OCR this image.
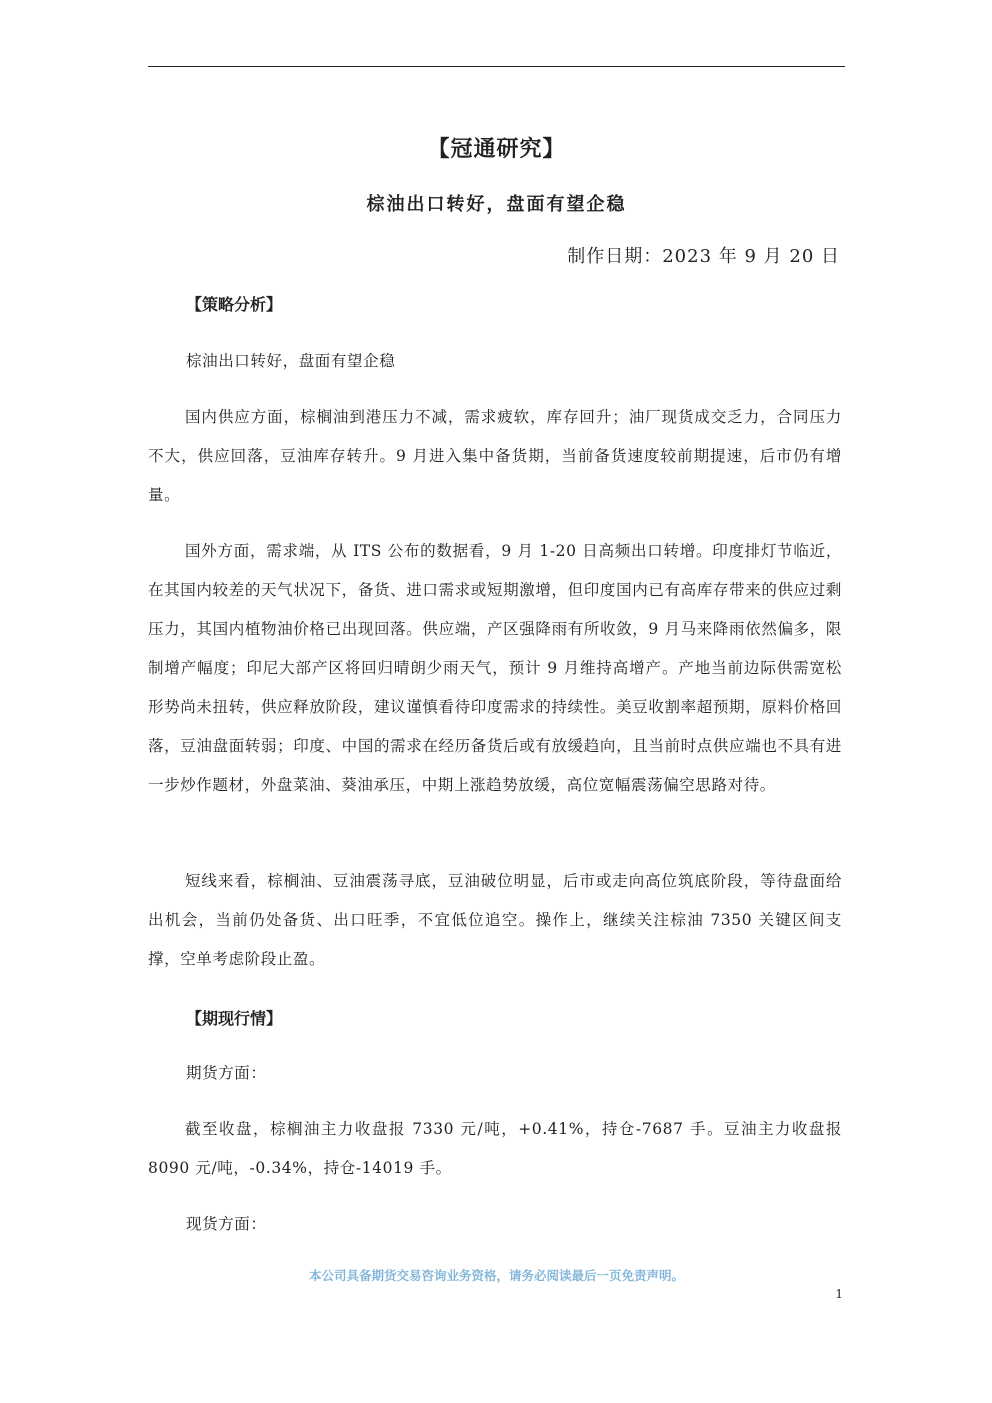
【冠通研究】
棕油出口转好，盘面有望企稳
制作日期：2023 年 9 月 20 日
【策略分析】
棕油出口转好，盘面有望企稳
国内供应方面，棕榈油到港压力不减，需求疲软，库存回升；油厂现货成交乏力，合同压力不大，供应回落，豆油库存转升。9 月进入集中备货期，当前备货速度较前期提速，后市仍有增量。
国外方面，需求端，从 ITS 公布的数据看，9 月 1-20 日高频出口转增。印度排灯节临近，在其国内较差的天气状况下，备货、进口需求或短期激增，但印度国内已有高库存带来的供应过剩压力，其国内植物油价格已出现回落。供应端，产区强降雨有所收敛，9 月马来降雨依然偏多，限制增产幅度；印尼大部产区将回归晴朗少雨天气，预计 9 月维持高增产。产地当前边际供需宽松形势尚未扭转，供应释放阶段，建议谨慎看待印度需求的持续性。美豆收割率超预期，原料价格回落，豆油盘面转弱；印度、中国的需求在经历备货后或有放缓趋向，且当前时点供应端也不具有进一步炒作题材，外盘菜油、葵油承压，中期上涨趋势放缓，高位宽幅震荡偏空思路对待。
短线来看，棕榈油、豆油震荡寻底，豆油破位明显，后市或走向高位筑底阶段，等待盘面给出机会，当前仍处备货、出口旺季，不宜低位追空。操作上，继续关注棕油 7350 关键区间支撑，空单考虑阶段止盈。
【期现行情】
期货方面：
截至收盘，棕榈油主力收盘报 7330 元/吨，+0.41%，持仓-7687 手。豆油主力收盘报 8090 元/吨，-0.34%，持仓-14019 手。
现货方面：
本公司具备期货交易咨询业务资格，请务必阅读最后一页免责声明。
1
